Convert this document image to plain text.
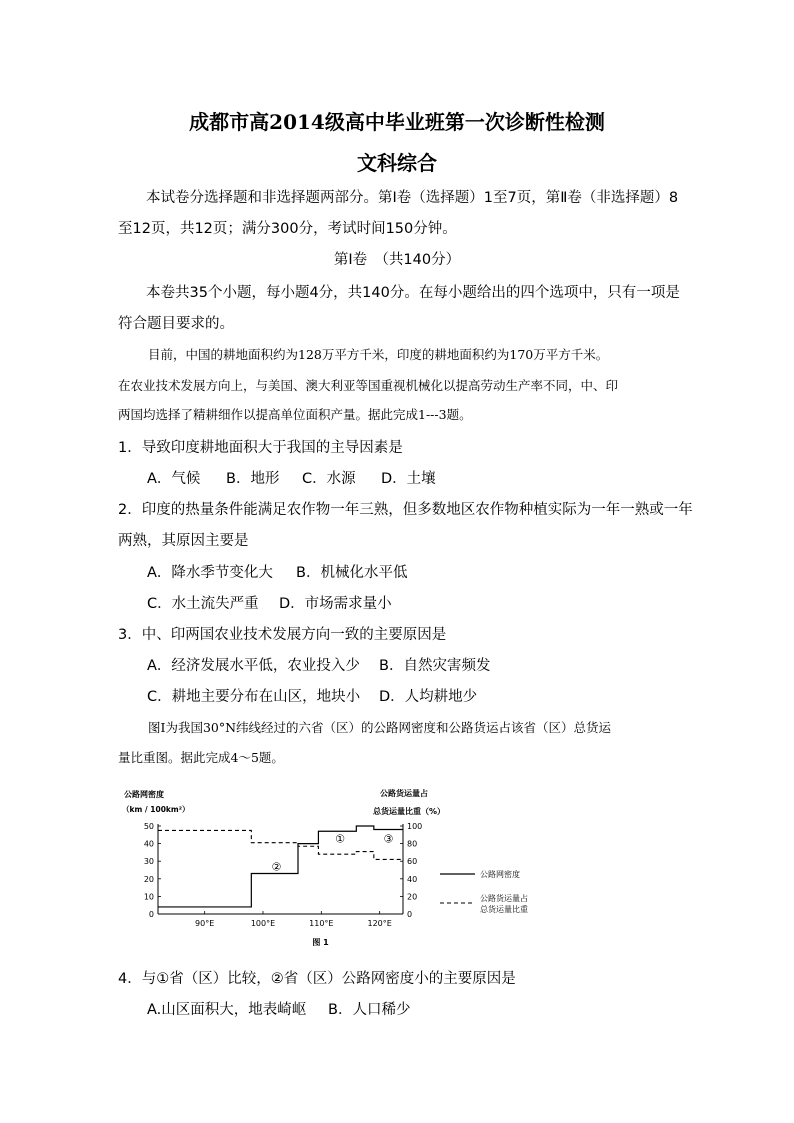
成都市高2014级高中毕业班第一次诊断性检测
文科综合
本试卷分选择题和非选择题两部分。第Ⅰ卷（选择题）1至7页，第Ⅱ卷（非选择题）8
至12页，共12页；满分300分，考试时间150分钟。
第Ⅰ卷　（共140分）
本卷共35个小题，每小题4分，共140分。在每小题给出的四个选项中，只有一项是
符合题目要求的。
目前，中国的耕地面积约为128万平方千米，印度的耕地面积约为170万平方千米。
在农业技术发展方向上，与美国、澳大利亚等国重视机械化以提高劳动生产率不同，中、印
两国均选择了精耕细作以提高单位面积产量。据此完成1---3题。
1．导致印度耕地面积大于我国的主导因素是
A．气候 B．地形 C．水源 D．土壤
2．印度的热量条件能满足农作物一年三熟，但多数地区农作物种植实际为一年一熟或一年
两熟，其原因主要是
A．降水季节变化大 B．机械化水平低
C．水土流失严重 D．市场需求量小
3．中、印两国农业技术发展方向一致的主要原因是
A．经济发展水平低，农业投入少 B．自然灾害频发
C．耕地主要分布在山区，地块小 D．人均耕地少
图Ⅰ为我国30°N纬线经过的六省（区）的公路网密度和公路货运占该省（区）总货运
量比重图。据此完成4～5题。
公路网密度
（km / 100km²）
公路货运量占
总货运量比重（%）
0
10
20
30
40
50
0
20
40
60
80
100
90°E	100°E	110°E	120°E
①
②
③
公路网密度
公路货运量占
总货运量比重
图 1
4．与①省（区）比较，②省（区）公路网密度小的主要原因是
A.山区面积大，地表崎岖 B．人口稀少
